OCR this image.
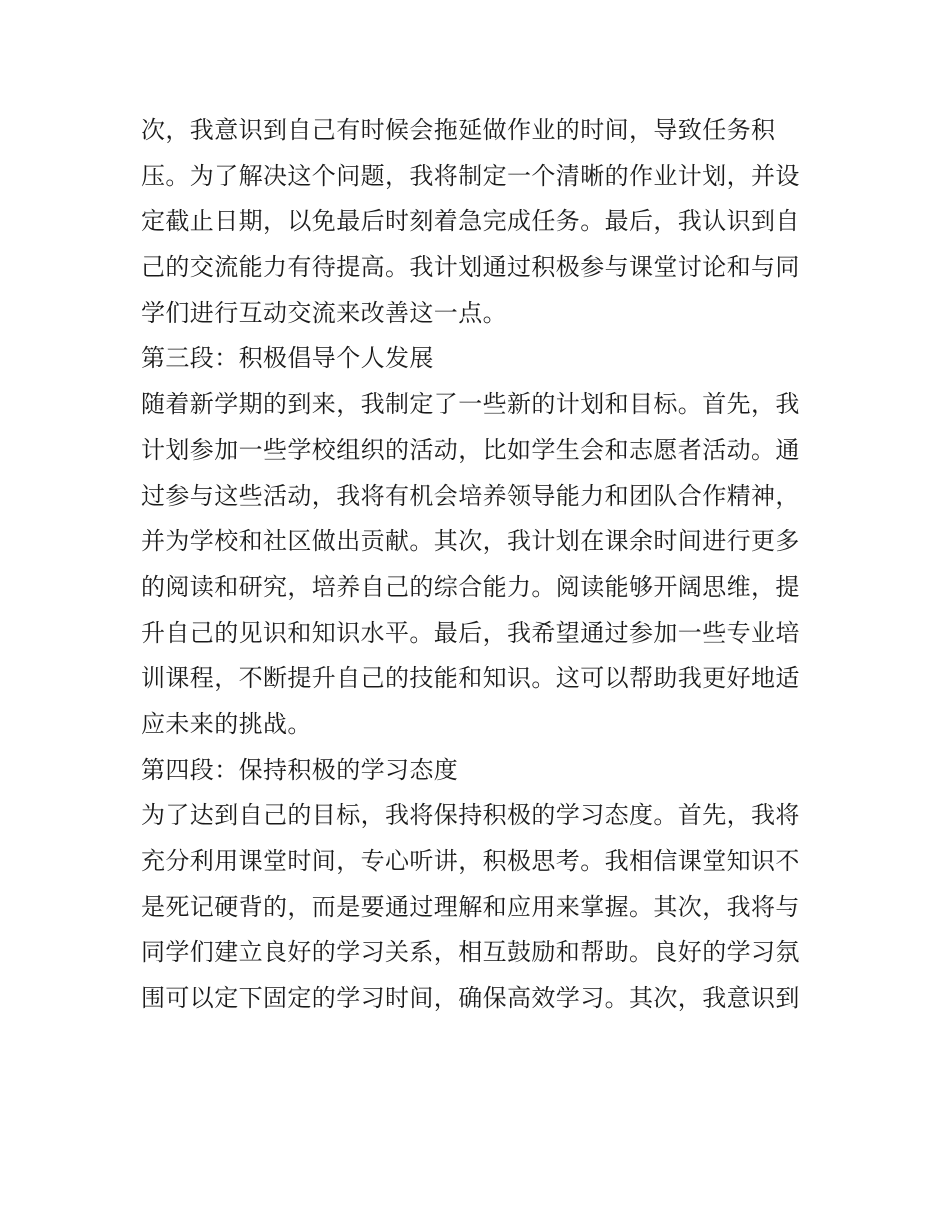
次，我意识到自己有时候会拖延做作业的时间，导致任务积
压。为了解决这个问题，我将制定一个清晰的作业计划，并设
定截止日期，以免最后时刻着急完成任务。最后，我认识到自
己的交流能力有待提高。我计划通过积极参与课堂讨论和与同
学们进行互动交流来改善这一点。
第三段：积极倡导个人发展
随着新学期的到来，我制定了一些新的计划和目标。首先，我
计划参加一些学校组织的活动，比如学生会和志愿者活动。通
过参与这些活动，我将有机会培养领导能力和团队合作精神，
并为学校和社区做出贡献。其次，我计划在课余时间进行更多
的阅读和研究，培养自己的综合能力。阅读能够开阔思维，提
升自己的见识和知识水平。最后，我希望通过参加一些专业培
训课程，不断提升自己的技能和知识。这可以帮助我更好地适
应未来的挑战。
第四段：保持积极的学习态度
为了达到自己的目标，我将保持积极的学习态度。首先，我将
充分利用课堂时间，专心听讲，积极思考。我相信课堂知识不
是死记硬背的，而是要通过理解和应用来掌握。其次，我将与
同学们建立良好的学习关系，相互鼓励和帮助。良好的学习氛
围可以定下固定的学习时间，确保高效学习。其次，我意识到
